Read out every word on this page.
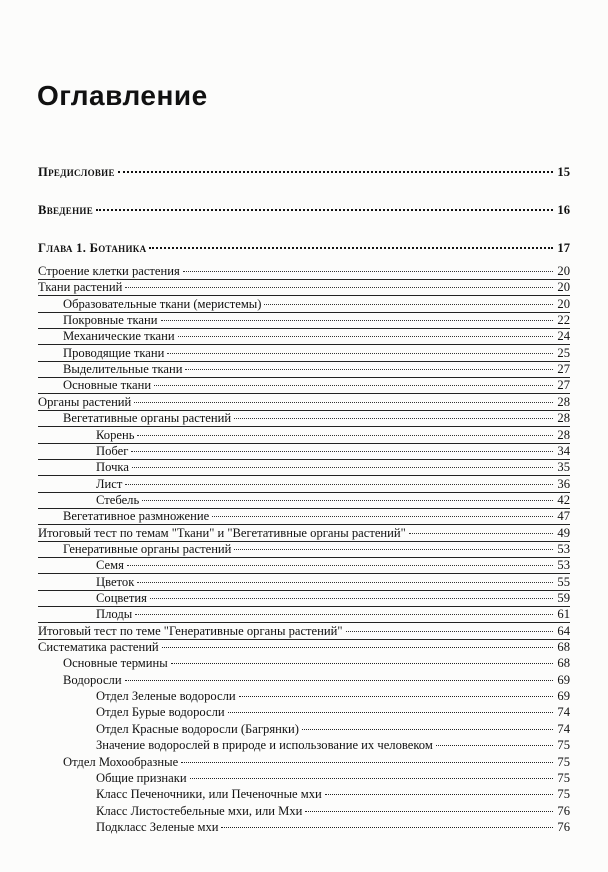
Оглавление
Предисловие	15
Введение	16
Глава 1. Ботаника	17
Строение клетки растения	20
Ткани растений	20
Образовательные ткани (меристемы)	20
Покровные ткани	22
Механические ткани	24
Проводящие ткани	25
Выделительные ткани	27
Основные ткани	27
Органы растений	28
Вегетативные органы растений	28
Корень	28
Побег	34
Почка	35
Лист	36
Стебель	42
Вегетативное размножение	47
Итоговый тест по темам "Ткани" и "Вегетативные органы растений"	49
Генеративные органы растений	53
Семя	53
Цветок	55
Соцветия	59
Плоды	61
Итоговый тест по теме "Генеративные органы растений"	64
Систематика растений	68
Основные термины	68
Водоросли	69
Отдел Зеленые водоросли	69
Отдел Бурые водоросли	74
Отдел Красные водоросли (Багрянки)	74
Значение водорослей в природе и использование их человеком	75
Отдел Мохообразные	75
Общие признаки	75
Класс Печеночники, или Печеночные мхи	75
Класс Листостебельные мхи, или Мхи	76
Подкласс Зеленые мхи	76
